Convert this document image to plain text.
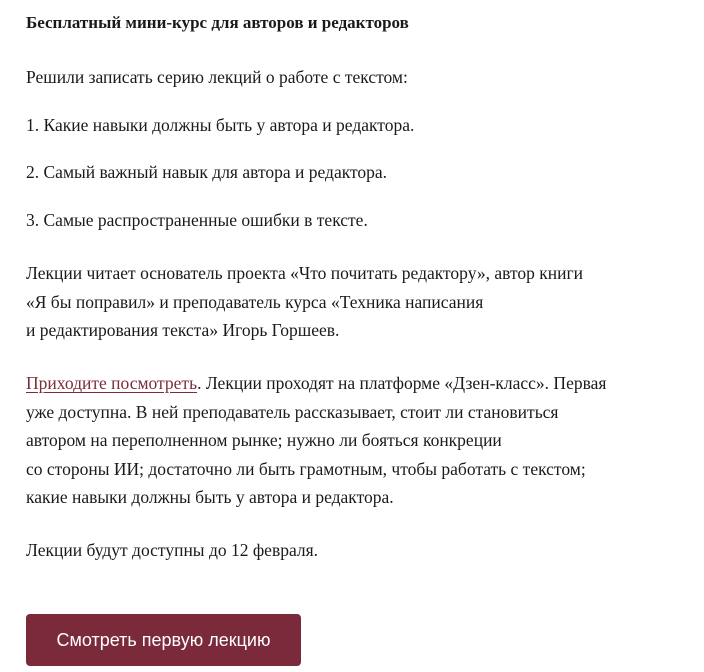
Бесплатный мини-курс для авторов и редакторов

Решили записать серию лекций о работе с текстом:

1. Какие навыки должны быть у автора и редактора.

2. Самый важный навык для автора и редактора.

3. Самые распространенные ошибки в тексте.

Лекции читает основатель проекта «Что почитать редактору», автор книги
«Я бы поправил» и преподаватель курса «Техника написания
и редактирования текста» Игорь Горшеев.

Приходите посмотреть. Лекции проходят на платформе «Дзен-класс». Первая
уже доступна. В ней преподаватель рассказывает, стоит ли становиться
автором на переполненном рынке; нужно ли бояться конкреции
со стороны ИИ; достаточно ли быть грамотным, чтобы работать с текстом;
какие навыки должны быть у автора и редактора.

Лекции будут доступны до 12 февраля.

Смотреть первую лекцию
